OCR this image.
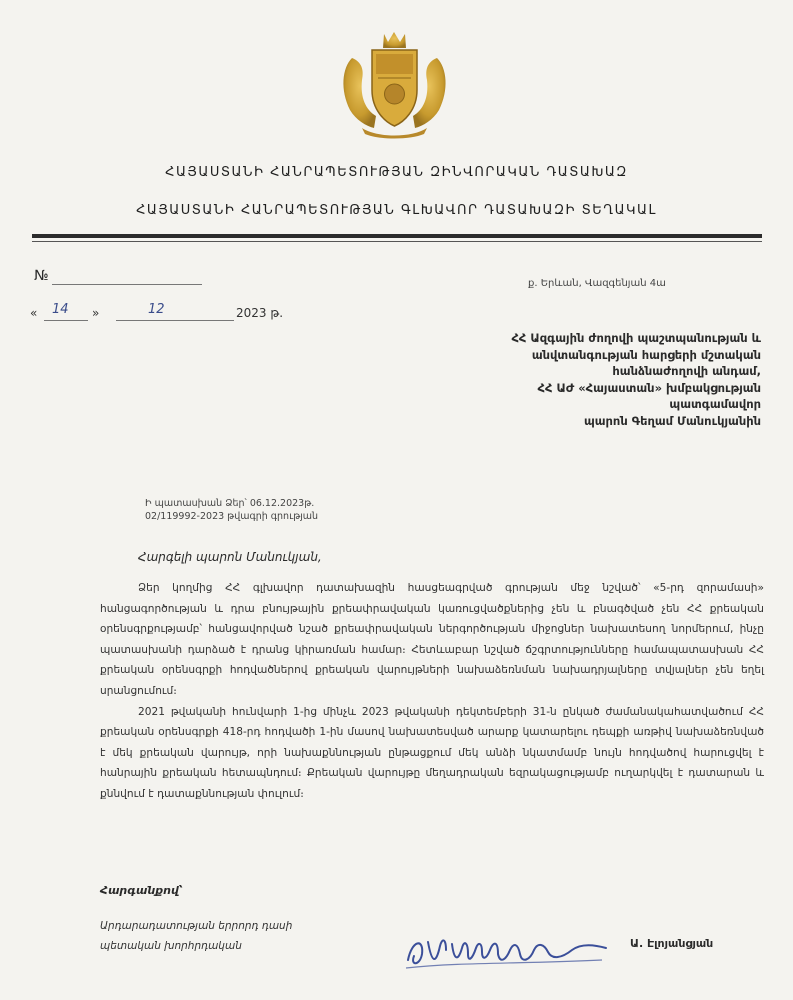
ՀԱՅԱՍՏԱՆԻ ՀԱՆՐԱՊԵՏՈՒԹՅԱՆ ԶԻՆՎՈՐԱԿԱՆ ԴԱՏԱԽԱԶ
ՀԱՅԱՍՏԱՆԻ ՀԱՆՐԱՊԵՏՈՒԹՅԱՆ ԳԼԽԱՎՈՐ ԴԱՏԱԽԱԶԻ ՏԵՂԱԿԱԼ
№	ք. Երևան, Վազգենյան 4ա
« 14 »	12	2023 թ.
ՀՀ Ազգային ժողովի պաշտպանության և
անվտանգության հարցերի մշտական
հանձնաժողովի անդամ,
ՀՀ ԱԺ «Հայաստան» խմբակցության
պատգամավոր
պարոն Գեղամ Մանուկյանին
Ի պատասխան Ձեր՝ 06.12.2023թ.
02/119992-2023 թվագրի գրության
Հարգելի պարոն Մանուկյան,

Ձեր կողմից ՀՀ գլխավոր դատախազին հասցեագրված գրության մեջ նշված՝ «5-րդ զորամասի» հանցագործության և դրա բնույթային քրեափրավական կառուցվածքներից չեն և բնագծված չեն ՀՀ քրեական օրենսգրքությամբ՝ հանցավորված նշած քրեափրավական ներգործության միջոցներ նախատեսող նորմերում, ինչը պատասխանի դարձած է դրանց կիրառման համար։ Հետևաբար նշված ճշգրտությունները համապատասխան ՀՀ քրեական օրենսգրքի հոդվածներով քրեական վարույթների նախաձեռնման նախադրյալները տվյալներ չեն եղել սրանցումում։

2021 թվականի հունվարի 1-ից մինչև 2023 թվականի դեկտեմբերի 31-ն ընկած ժամանակահատվածում ՀՀ քրեական օրենսգրքի 418-րդ հոդվածի 1-ին մասով նախատեսված արարք կատարելու դեպքի առթիվ նախաձեռնված է մեկ քրեական վարույթ, որի նախաքննության ընթացքում մեկ անձի նկատմամբ նույն հոդվածով հարուցվել է հանրային քրեական հետապնդում։ Քրեական վարույթը մեղադրական եզրակացությամբ ուղարկվել է դատարան և քննվում է դատաքննության փուլում։

Հարգանքով՝
Արդարադատության երրորդ դասի
պետական խորհրդական	Ա. Էլոյանցյան
